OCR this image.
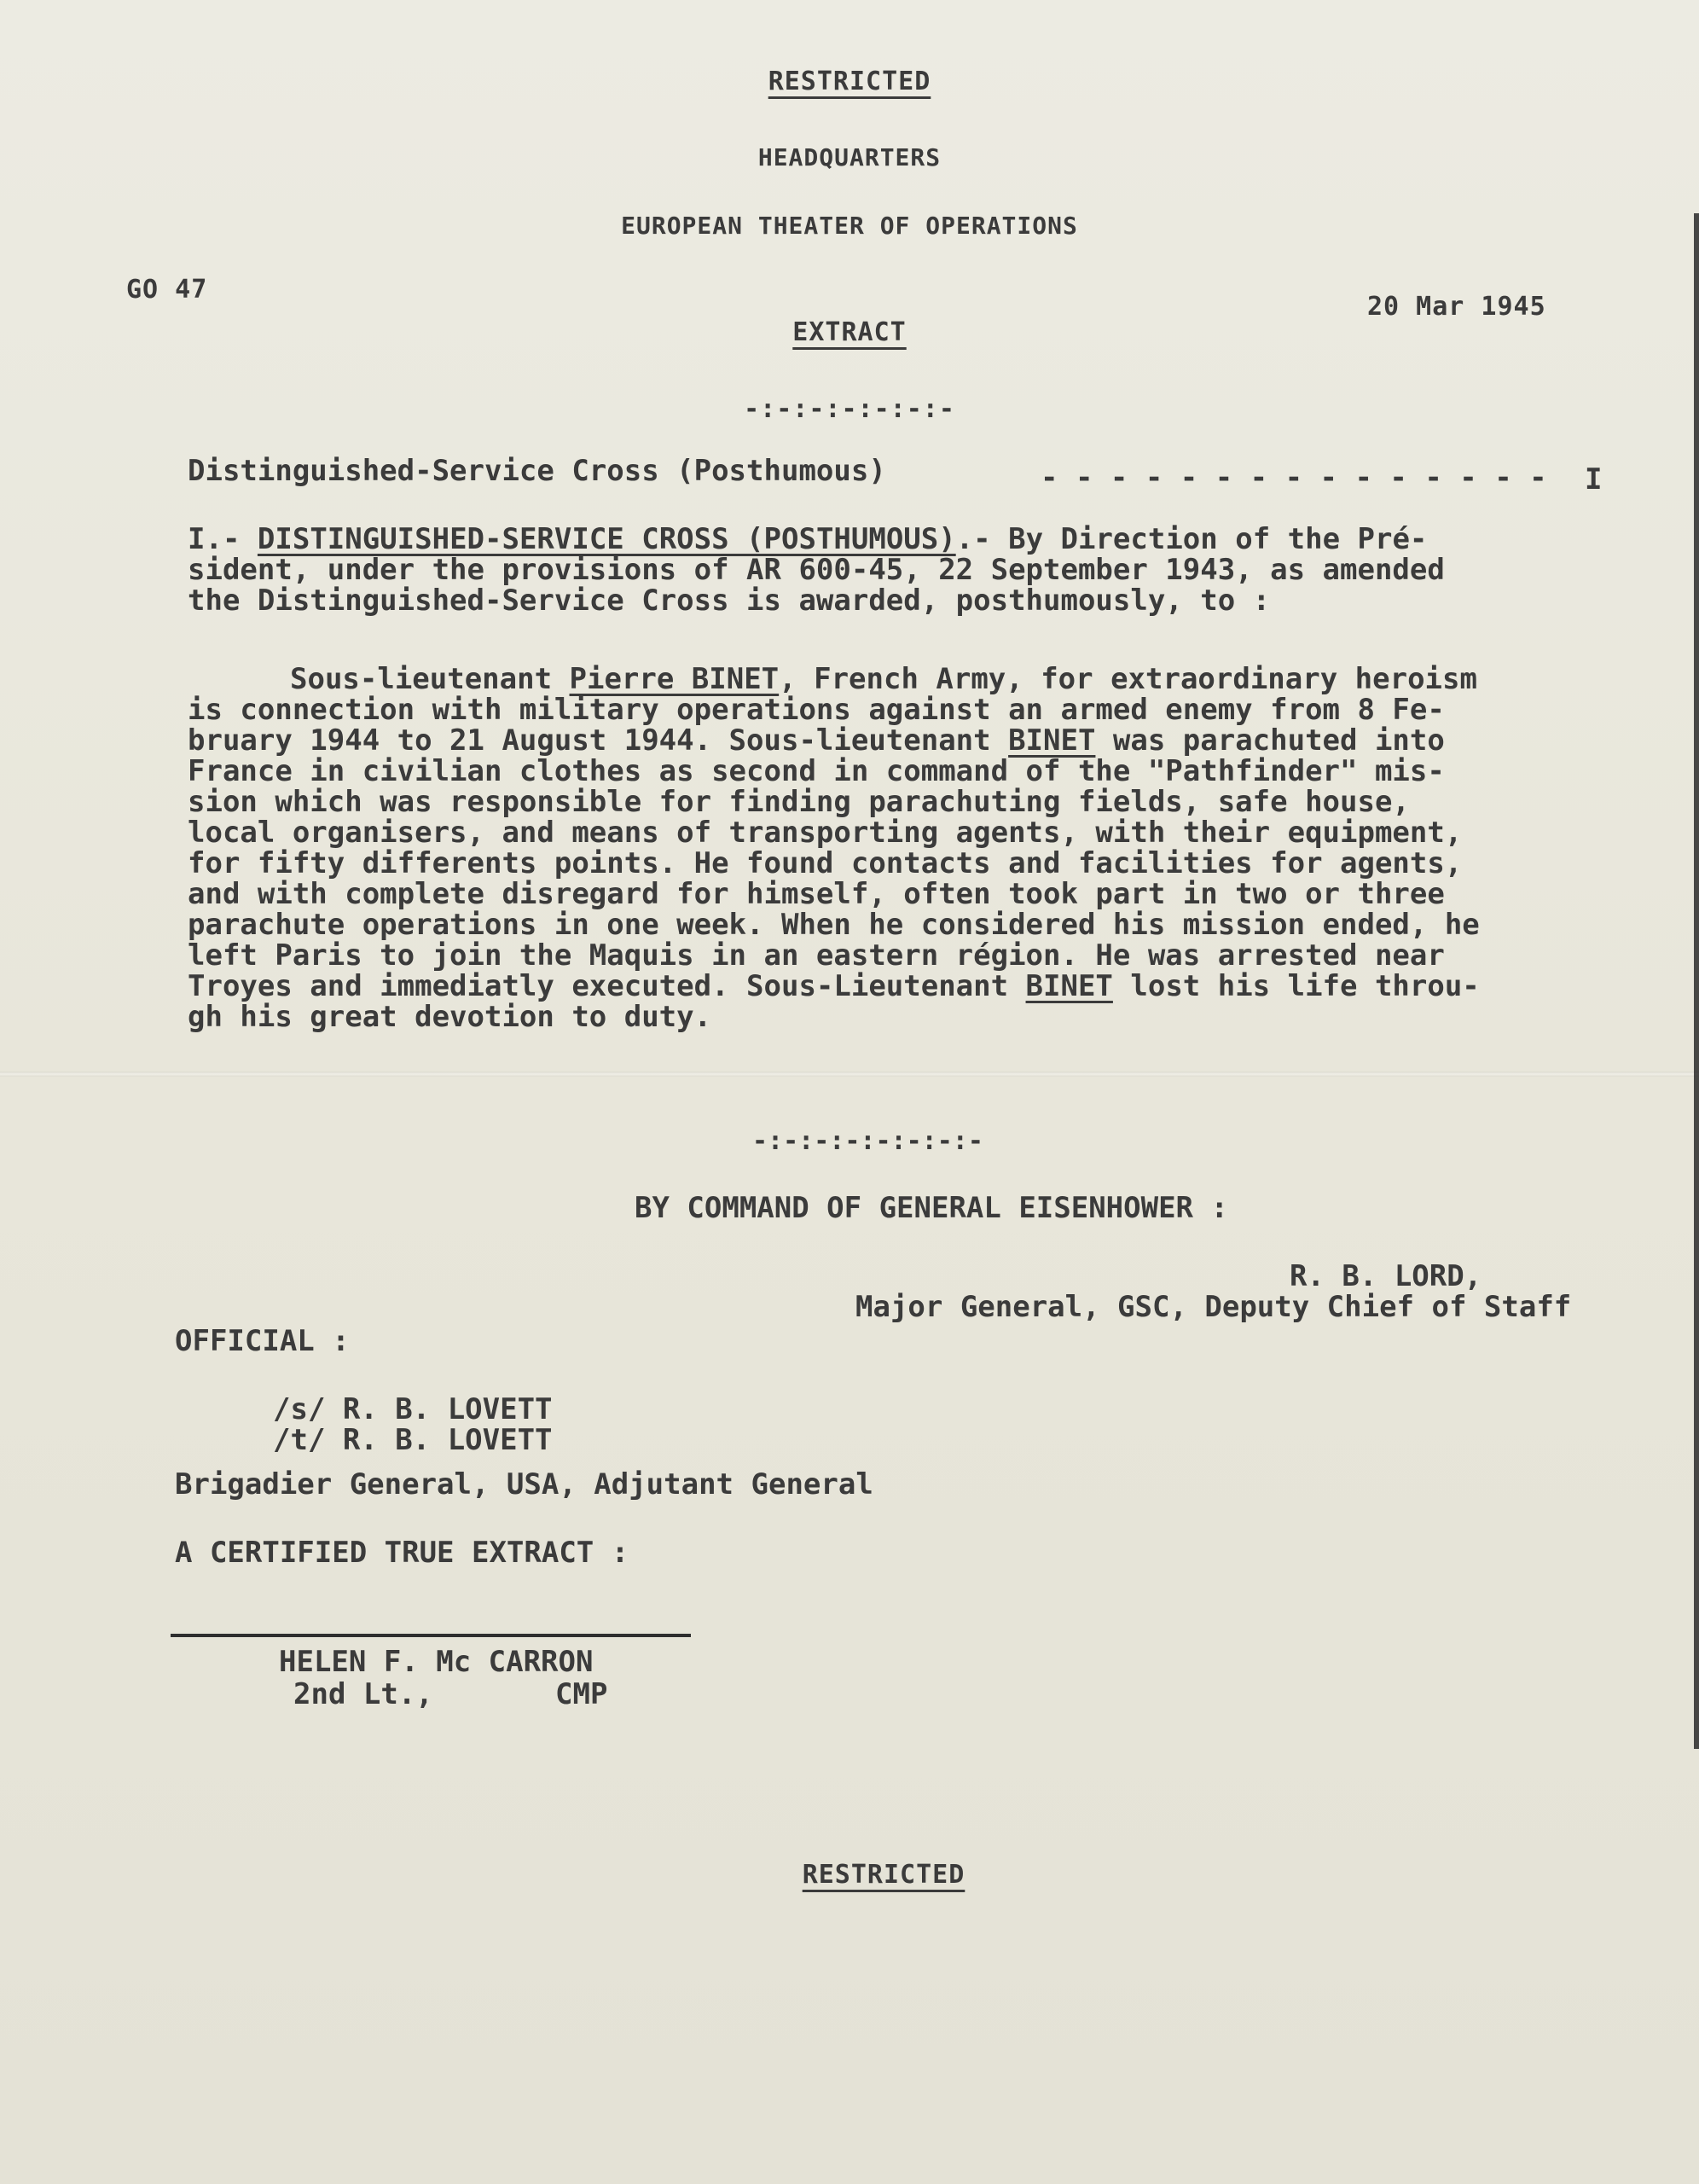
RESTRICTED
HEADQUARTERS
EUROPEAN THEATER OF OPERATIONS
GO 47
20 Mar 1945
EXTRACT
-:-:-:-:-:-:-
Distinguished-Service Cross (Posthumous)	- - - - - - - - - - - - - - - I
I.- DISTINGUISHED-SERVICE CROSS (POSTHUMOUS).- By Direction of the Pré-
sident, under the provisions of AR 600-45, 22 September 1943, as amended
the Distinguished-Service Cross is awarded, posthumously, to :
Sous-lieutenant Pierre BINET, French Army, for extraordinary heroism
is connection with military operations against an armed enemy from 8 Fe-
bruary 1944 to 21 August 1944. Sous-lieutenant BINET was parachuted into
France in civilian clothes as second in command of the "Pathfinder" mis-
sion which was responsible for finding parachuting fields, safe house,
local organisers, and means of transporting agents, with their equipment,
for fifty differents points. He found contacts and facilities for agents,
and with complete disregard for himself, often took part in two or three
parachute operations in one week. When he considered his mission ended, he
left Paris to join the Maquis in an eastern région. He was arrested near
Troyes and immediatly executed. Sous-Lieutenant BINET lost his life throu-
gh his great devotion to duty.
-:-:-:-:-:-:-:-
BY COMMAND OF GENERAL EISENHOWER :
R. B. LORD,
Major General, GSC, Deputy Chief of Staff
OFFICIAL :
/s/ R. B. LOVETT
/t/ R. B. LOVETT
Brigadier General, USA, Adjutant General
A CERTIFIED TRUE EXTRACT :
HELEN F. Mc CARRON
2nd Lt.,       CMP
RESTRICTED
